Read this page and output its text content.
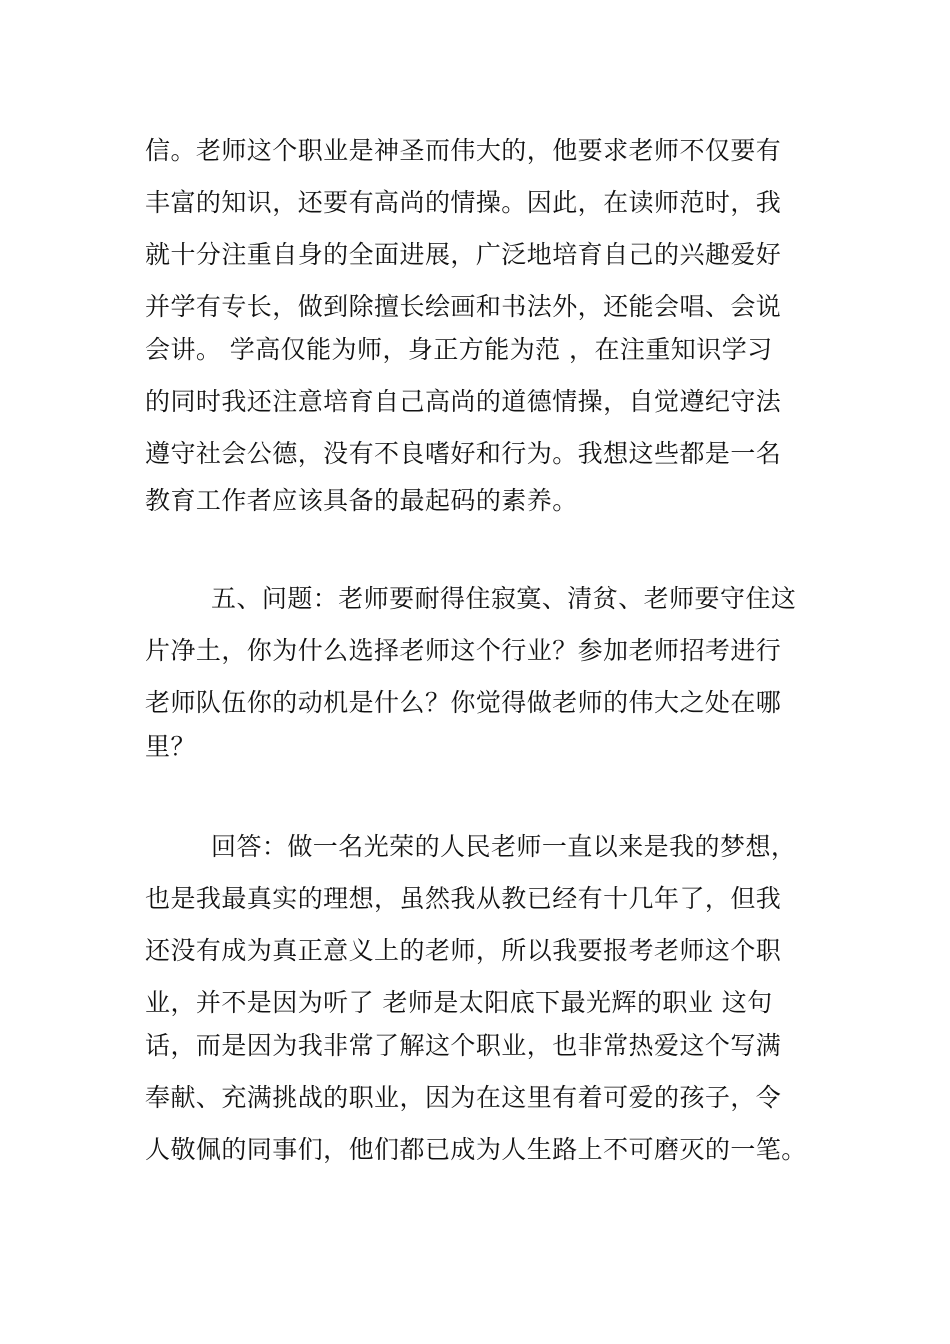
信。老师这个职业是神圣而伟大的，他要求老师不仅要有
丰富的知识，还要有高尚的情操。因此，在读师范时，我
就十分注重自身的全面进展，广泛地培育自己的兴趣爱好
并学有专长，做到除擅长绘画和书法外，还能会唱、会说
会讲。 学高仅能为师，身正方能为范 ，在注重知识学习
的同时我还注意培育自己高尚的道德情操，自觉遵纪守法
遵守社会公德，没有不良嗜好和行为。我想这些都是一名
教育工作者应该具备的最起码的素养。
五、问题：老师要耐得住寂寞、清贫、老师要守住这
片净土，你为什么选择老师这个行业？参加老师招考进行
老师队伍你的动机是什么？你觉得做老师的伟大之处在哪
里？
回答：做一名光荣的人民老师一直以来是我的梦想，
也是我最真实的理想，虽然我从教已经有十几年了，但我
还没有成为真正意义上的老师，所以我要报考老师这个职
业，并不是因为听了 老师是太阳底下最光辉的职业 这句
话，而是因为我非常了解这个职业，也非常热爱这个写满
奉献、充满挑战的职业，因为在这里有着可爱的孩子，令
人敬佩的同事们，他们都已成为人生路上不可磨灭的一笔。
